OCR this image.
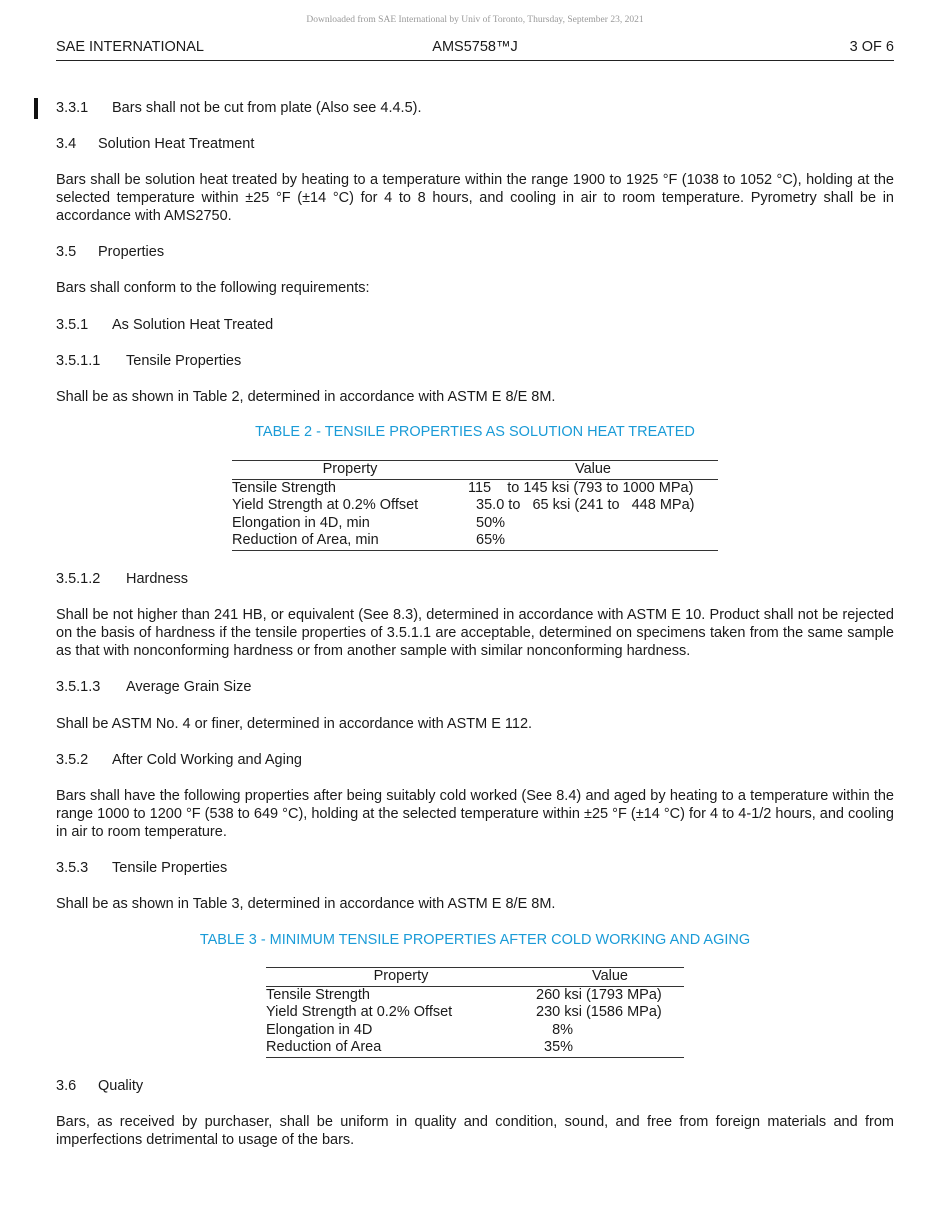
Downloaded from SAE International by Univ of Toronto, Thursday, September 23, 2021
SAE INTERNATIONAL	AMS5758™J	3 OF 6
3.3.1 Bars shall not be cut from plate (Also see 4.4.5).
3.4 Solution Heat Treatment
Bars shall be solution heat treated by heating to a temperature within the range 1900 to 1925 °F (1038 to 1052 °C), holding at the selected temperature within ±25 °F (±14 °C) for 4 to 8 hours, and cooling in air to room temperature. Pyrometry shall be in accordance with AMS2750.
3.5 Properties
Bars shall conform to the following requirements:
3.5.1 As Solution Heat Treated
3.5.1.1 Tensile Properties
Shall be as shown in Table 2, determined in accordance with ASTM E 8/E 8M.
TABLE 2 - TENSILE PROPERTIES AS SOLUTION HEAT TREATED
Property	Value
Tensile Strength	115    to 145 ksi (793 to 1000 MPa)
Yield Strength at 0.2% Offset	35.0 to   65 ksi (241 to   448 MPa)
Elongation in 4D, min	50%
Reduction of Area, min	65%
3.5.1.2 Hardness
Shall be not higher than 241 HB, or equivalent (See 8.3), determined in accordance with ASTM E 10. Product shall not be rejected on the basis of hardness if the tensile properties of 3.5.1.1 are acceptable, determined on specimens taken from the same sample as that with nonconforming hardness or from another sample with similar nonconforming hardness.
3.5.1.3 Average Grain Size
Shall be ASTM No. 4 or finer, determined in accordance with ASTM E 112.
3.5.2 After Cold Working and Aging
Bars shall have the following properties after being suitably cold worked (See 8.4) and aged by heating to a temperature within the range 1000 to 1200 °F (538 to 649 °C), holding at the selected temperature within ±25 °F (±14 °C) for 4 to 4-1/2 hours, and cooling in air to room temperature.
3.5.3 Tensile Properties
Shall be as shown in Table 3, determined in accordance with ASTM E 8/E 8M.
TABLE 3 - MINIMUM TENSILE PROPERTIES AFTER COLD WORKING AND AGING
Property	Value
Tensile Strength	260 ksi (1793 MPa)
Yield Strength at 0.2% Offset	230 ksi (1586 MPa)
Elongation in 4D	8%
Reduction of Area	35%
3.6 Quality
Bars, as received by purchaser, shall be uniform in quality and condition, sound, and free from foreign materials and from imperfections detrimental to usage of the bars.
